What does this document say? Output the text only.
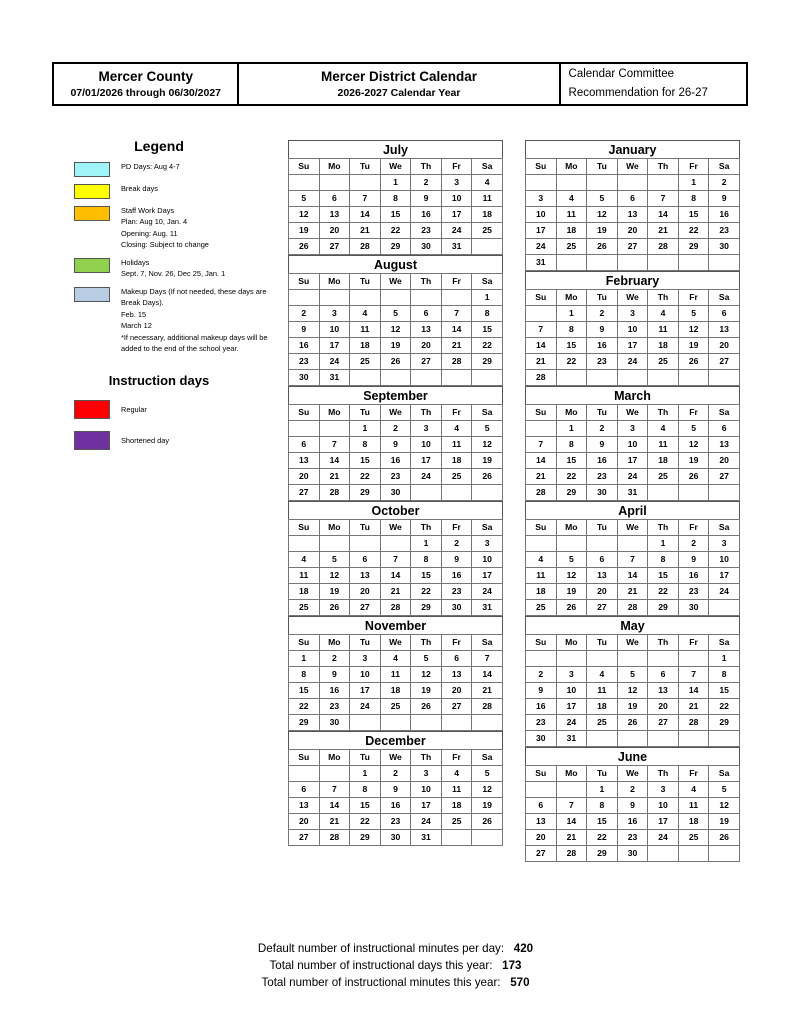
Mercer County
07/01/2026 through 06/30/2027
Mercer District Calendar
2026-2027 Calendar Year
Calendar Committee
Recommendation for 26-27
Legend
PD Days: Aug 4-7
Break days
Staff Work Days
Plan: Aug 10, Jan. 4
Opening: Aug. 11
Closing: Subject to change
Holidays
Sept. 7, Nov. 26, Dec 25, Jan. 1
Makeup Days (If not needed, these days are Break Days).
Feb. 15
March 12
*If necessary, additional makeup days will be added to the end of the school year.
Instruction days
Regular
Shortened day
July
Su	Mo	Tu	We	Th	Fr	Sa
			1	2	3	4
5	6	7	8	9	10	11
12	13	14	15	16	17	18
19	20	21	22	23	24	25
26	27	28	29	30	31	
August
Su	Mo	Tu	We	Th	Fr	Sa
						1
2	3	4	5	6	7	8
9	10	11	12	13	14	15
16	17	18	19	20	21	22
23	24	25	26	27	28	29
30	31					
September
Su	Mo	Tu	We	Th	Fr	Sa
		1	2	3	4	5
6	7	8	9	10	11	12
13	14	15	16	17	18	19
20	21	22	23	24	25	26
27	28	29	30			
October
Su	Mo	Tu	We	Th	Fr	Sa
				1	2	3
4	5	6	7	8	9	10
11	12	13	14	15	16	17
18	19	20	21	22	23	24
25	26	27	28	29	30	31
November
Su	Mo	Tu	We	Th	Fr	Sa
1	2	3	4	5	6	7
8	9	10	11	12	13	14
15	16	17	18	19	20	21
22	23	24	25	26	27	28
29	30					
December
Su	Mo	Tu	We	Th	Fr	Sa
		1	2	3	4	5
6	7	8	9	10	11	12
13	14	15	16	17	18	19
20	21	22	23	24	25	26
27	28	29	30	31		
January
Su	Mo	Tu	We	Th	Fr	Sa
					1	2
3	4	5	6	7	8	9
10	11	12	13	14	15	16
17	18	19	20	21	22	23
24	25	26	27	28	29	30
31						
February
Su	Mo	Tu	We	Th	Fr	Sa
	1	2	3	4	5	6
7	8	9	10	11	12	13
14	15	16	17	18	19	20
21	22	23	24	25	26	27
28						
March
Su	Mo	Tu	We	Th	Fr	Sa
	1	2	3	4	5	6
7	8	9	10	11	12	13
14	15	16	17	18	19	20
21	22	23	24	25	26	27
28	29	30	31			
April
Su	Mo	Tu	We	Th	Fr	Sa
				1	2	3
4	5	6	7	8	9	10
11	12	13	14	15	16	17
18	19	20	21	22	23	24
25	26	27	28	29	30	
May
Su	Mo	Tu	We	Th	Fr	Sa
						1
2	3	4	5	6	7	8
9	10	11	12	13	14	15
16	17	18	19	20	21	22
23	24	25	26	27	28	29
30	31					
June
Su	Mo	Tu	We	Th	Fr	Sa
		1	2	3	4	5
6	7	8	9	10	11	12
13	14	15	16	17	18	19
20	21	22	23	24	25	26
27	28	29	30			
Default number of instructional minutes per day: 420
Total number of instructional days this year: 173
Total number of instructional minutes this year: 570
